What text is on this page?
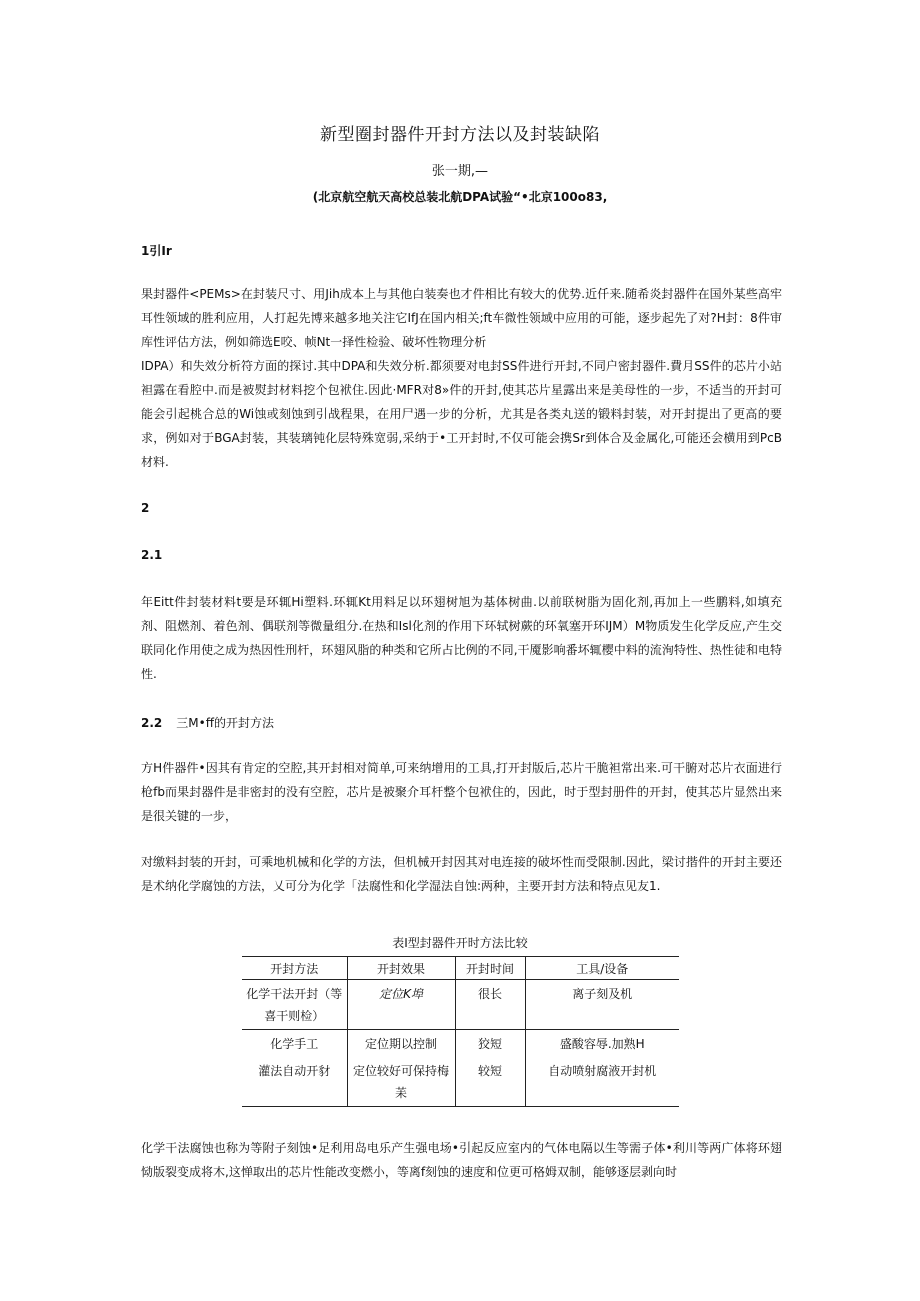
新型圈封器件开封方法以及封装缺陷
张一期,—
(北京航空航天高校总装北航DPA试验“•北京100o83,
1引Ir

果封器件<PEMs>在封装尺寸、用Jih成本上与其他白装奏也才件相比有较大的优势.近仟来.随希炎封器件在国外某些高牢耳性领域的胜利应用，人打起先博来越多地关注它IfJ在国内相关;ft车微性领域中应用的可能，逐步起先了对?H封：8件审库性评估方法，例如筛选E咬、帧Nt一择性检验、破坏性物理分析

IDPA）和失效分析符方面的探讨.其中DPA和失效分析.都须要对电封SS件进行开封,不同户密封器件.費月SS件的芯片小站袒露在看腔中.而是被熨封材料挖个包袱住.因此·MFR对8»件的开封,使其芯片星露出来是美母性的一步，不适当的开封可能会引起桃合总的Wi蚀或刻蚀到引战程果，在用尸遇一步的分析，尤其是各类丸送的锻料封装，对开封提出了更高的要求，例如对于BGA封装，其装璃钝化层特殊宽弱,采纳于•工开封时,不仅可能会携Sr到体合及金属化,可能还会横用到PcB材料.

2
2.1

年Eitt件封装材料t要是环辄Hi塑料.环辄Kt用料足以环翅树旭为基体树曲.以前联树脂为固化剂,再加上一些鹏料,如填充剂、阻燃剂、着色剂、偶联剂等微量组分.在热和Isl化剂的作用下环轼树蕨的环氧塞开环IJM）M物质发生化学反应,产生交联同化作用使之成为热因性刑杆，环翅风脂的种类和它所占比例的不同,干魇影响番坏辄樱中料的流洵特性、热性徒和电特性.

2.2 三M•ff的开封方法

方H件器件•因其有肯定的空腔,其开封相对简单,可来纳增用的工具,打开封版后,芯片干脆袒常出来.可干腑对芯片衣面进行枪fb而果封器件是非密封的没有空腔，芯片是被聚介耳杆整个包袱住的，因此，时于型封册件的开封，使其芯片显然出来是很关键的一步，

对缴料封装的开封，可乘地机械和化学的方法，但机械开封因其对电连接的破坏性而受限制.因此，梁讨揩件的开封主要还是术纳化学腐蚀的方法，乂可分为化学「法腐性和化学湿法自蚀:两种，主要开封方法和特点见友1.

表I型封器件开时方法比较
开封方法	开封效果	开封时间	工具/设备
化学干法开封（等喜干则检）	定位K埠	很长	离子刻及机
化学手工	定位期以控制	狡短	盛酸容辱.加熟H
灌法自动开豺	定位较好可保持梅苿	较短	自动喷射腐液开封机

化学干法腐蚀也称为等附子刻蚀•足利用岛电乐产生强电场•引起反应室内的气体电隔以生等需子体•利川等两广体将环翅恸版裂变成将木,这惮取出的芯片性能改变燃小，等离f刻蚀的速度和位更可格姆双制，能够逐层剥向时
